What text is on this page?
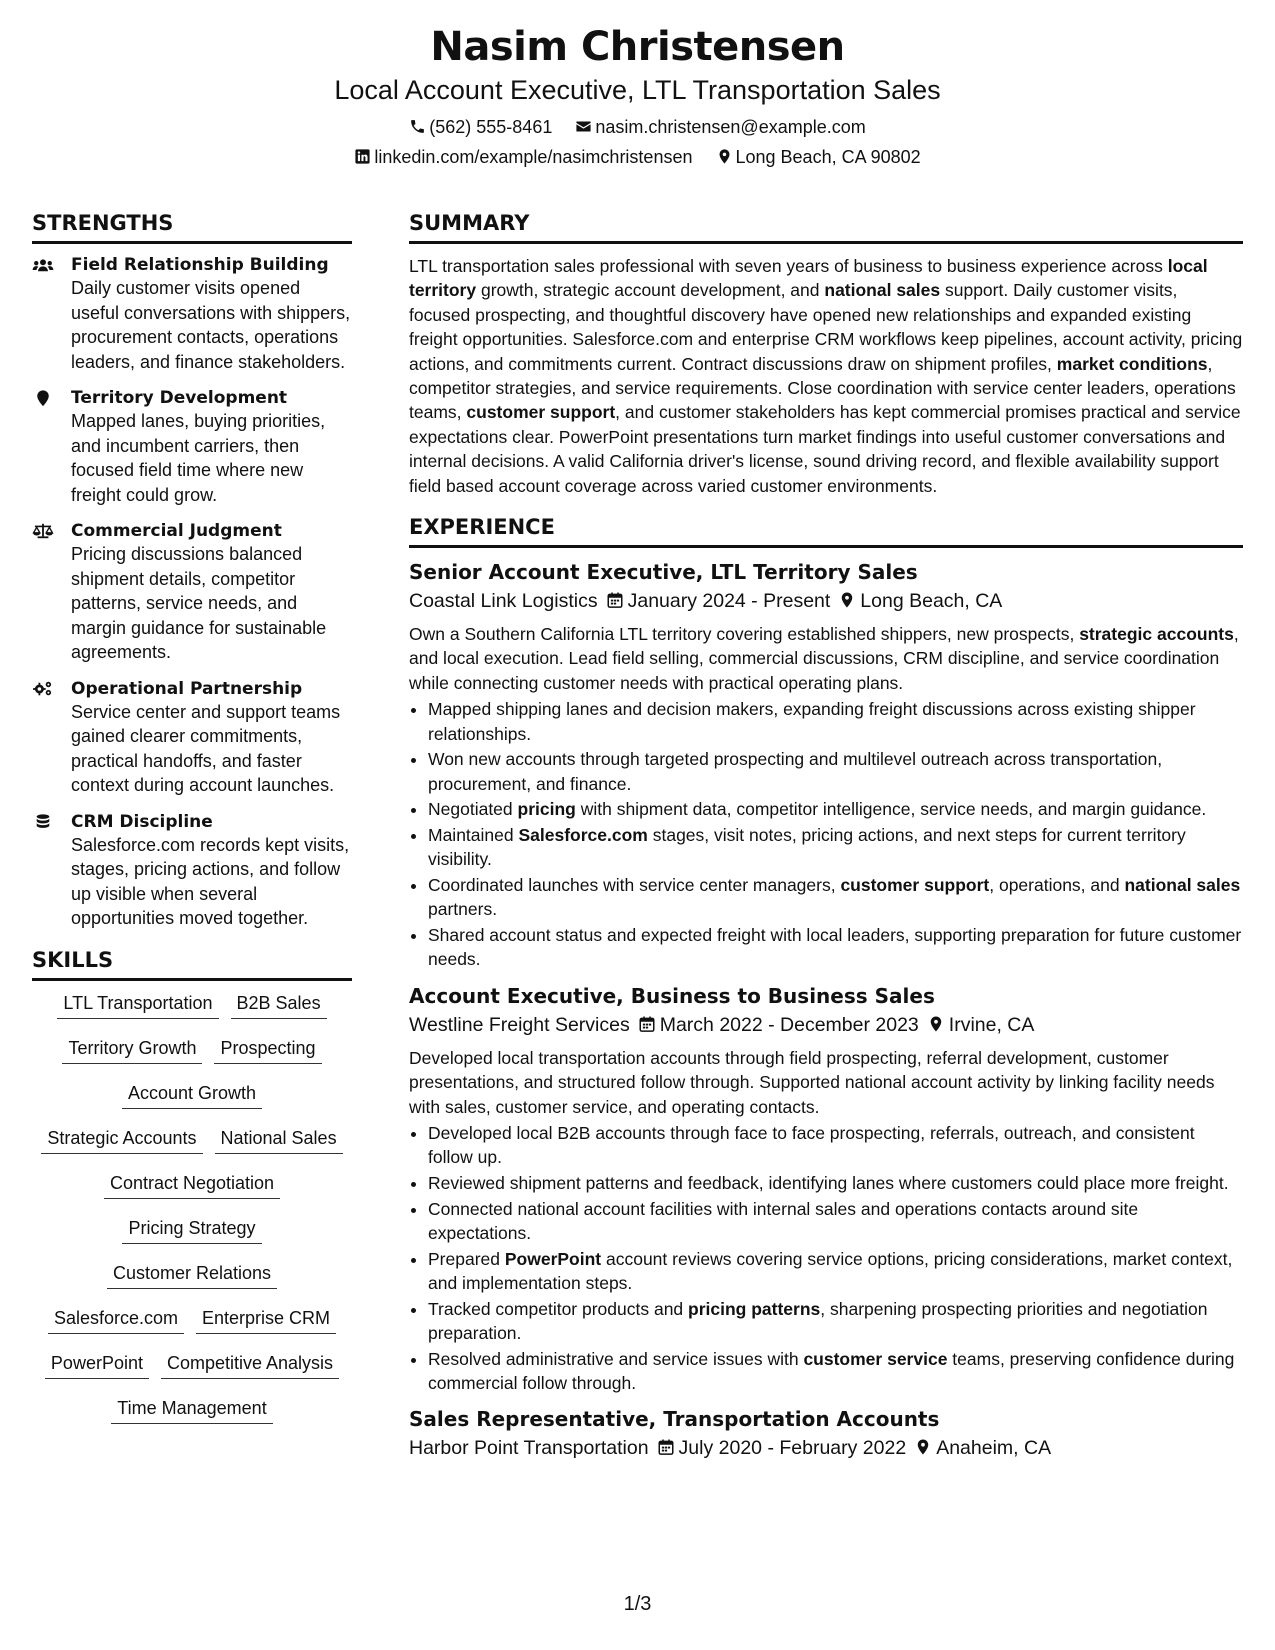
Nasim Christensen
Local Account Executive, LTL Transportation Sales
(562) 555-8461 nasim.christensen@example.com
linkedin.com/example/nasimchristensen Long Beach, CA 90802
STRENGTHS
Field Relationship Building
Daily customer visits opened useful conversations with shippers, procurement contacts, operations leaders, and finance stakeholders.
Territory Development
Mapped lanes, buying priorities, and incumbent carriers, then focused field time where new freight could grow.
Commercial Judgment
Pricing discussions balanced shipment details, competitor patterns, service needs, and margin guidance for sustainable agreements.
Operational Partnership
Service center and support teams gained clearer commitments, practical handoffs, and faster context during account launches.
CRM Discipline
Salesforce.com records kept visits, stages, pricing actions, and follow up visible when several opportunities moved together.
SKILLS
LTL Transportation B2B Sales
Territory Growth Prospecting
Account Growth
Strategic Accounts National Sales
Contract Negotiation
Pricing Strategy
Customer Relations
Salesforce.com Enterprise CRM
PowerPoint Competitive Analysis
Time Management
SUMMARY
LTL transportation sales professional with seven years of business to business experience across local territory growth, strategic account development, and national sales support. Daily customer visits, focused prospecting, and thoughtful discovery have opened new relationships and expanded existing freight opportunities. Salesforce.com and enterprise CRM workflows keep pipelines, account activity, pricing actions, and commitments current. Contract discussions draw on shipment profiles, market conditions, competitor strategies, and service requirements. Close coordination with service center leaders, operations teams, customer support, and customer stakeholders has kept commercial promises practical and service expectations clear. PowerPoint presentations turn market findings into useful customer conversations and internal decisions. A valid California driver's license, sound driving record, and flexible availability support field based account coverage across varied customer environments.
EXPERIENCE
Senior Account Executive, LTL Territory Sales
Coastal Link Logistics January 2024 - Present Long Beach, CA
Own a Southern California LTL territory covering established shippers, new prospects, strategic accounts, and local execution. Lead field selling, commercial discussions, CRM discipline, and service coordination while connecting customer needs with practical operating plans.
• Mapped shipping lanes and decision makers, expanding freight discussions across existing shipper relationships.
• Won new accounts through targeted prospecting and multilevel outreach across transportation, procurement, and finance.
• Negotiated pricing with shipment data, competitor intelligence, service needs, and margin guidance.
• Maintained Salesforce.com stages, visit notes, pricing actions, and next steps for current territory visibility.
• Coordinated launches with service center managers, customer support, operations, and national sales partners.
• Shared account status and expected freight with local leaders, supporting preparation for future customer needs.
Account Executive, Business to Business Sales
Westline Freight Services March 2022 - December 2023 Irvine, CA
Developed local transportation accounts through field prospecting, referral development, customer presentations, and structured follow through. Supported national account activity by linking facility needs with sales, customer service, and operating contacts.
• Developed local B2B accounts through face to face prospecting, referrals, outreach, and consistent follow up.
• Reviewed shipment patterns and feedback, identifying lanes where customers could place more freight.
• Connected national account facilities with internal sales and operations contacts around site expectations.
• Prepared PowerPoint account reviews covering service options, pricing considerations, market context, and implementation steps.
• Tracked competitor products and pricing patterns, sharpening prospecting priorities and negotiation preparation.
• Resolved administrative and service issues with customer service teams, preserving confidence during commercial follow through.
Sales Representative, Transportation Accounts
Harbor Point Transportation July 2020 - February 2022 Anaheim, CA
1/3
